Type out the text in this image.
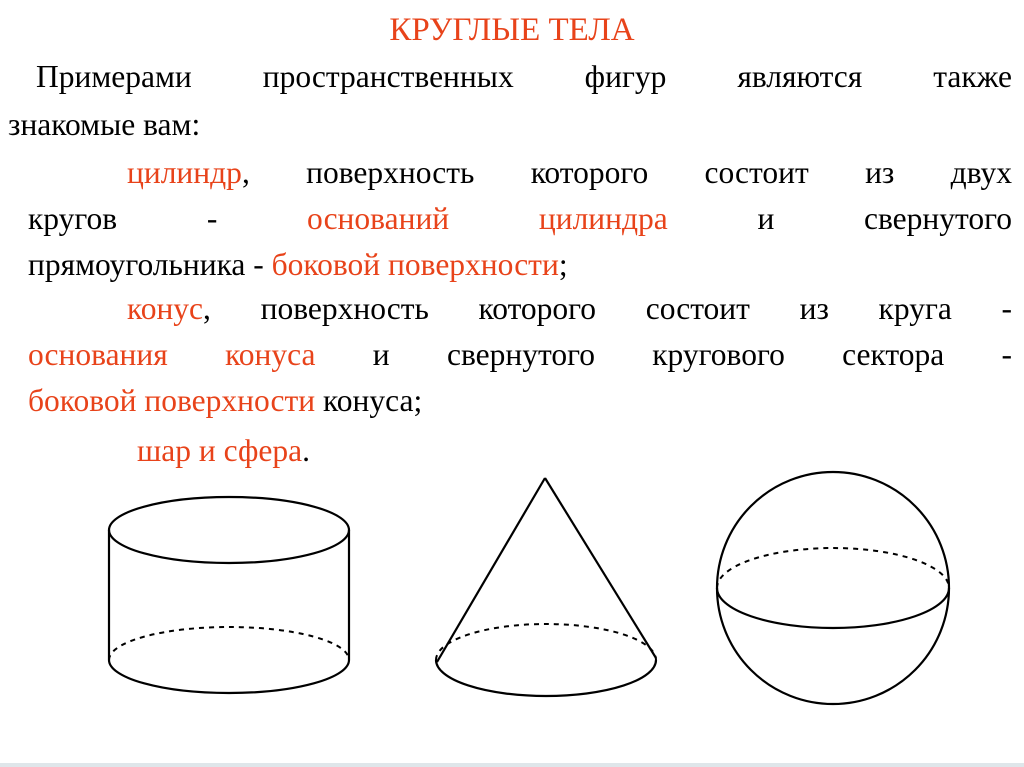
КРУГЛЫЕ ТЕЛА
Примерами пространственных фигур являются также
знакомые вам:
цилиндр, поверхность которого состоит из двух
кругов -	оснований цилиндра	и свернутого
прямоугольника - боковой поверхности;
конус, поверхность которого состоит из круга -
основания конуса и свернутого кругового сектора -
боковой поверхности конуса;
шар и сфера.
